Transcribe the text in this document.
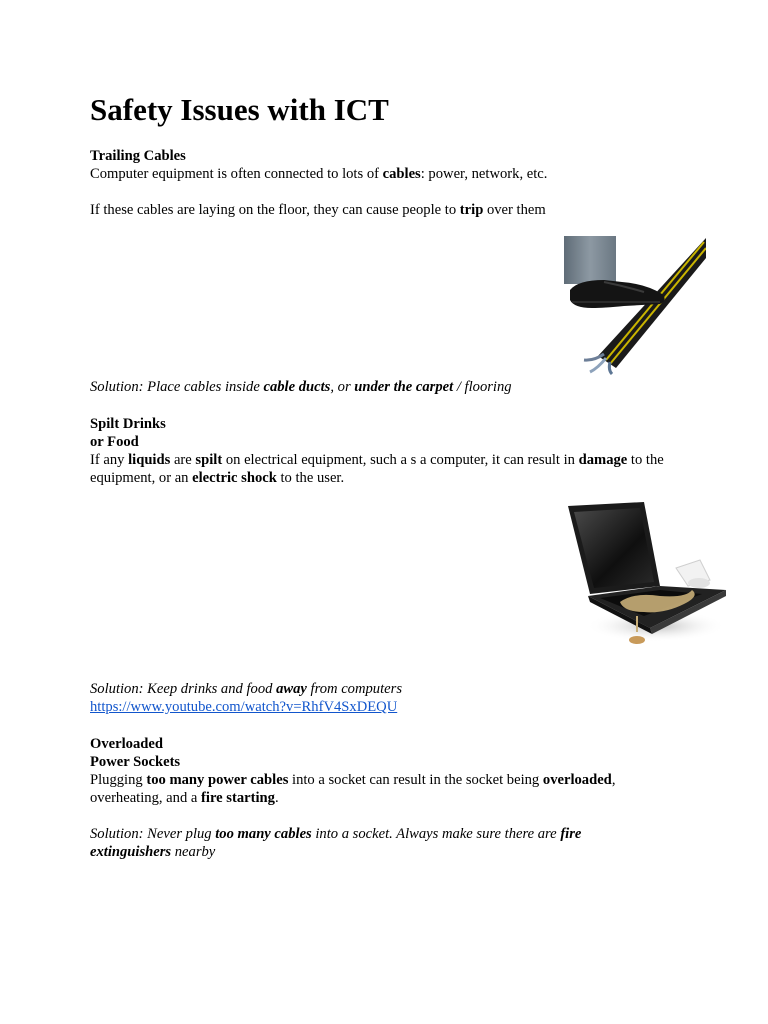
Safety Issues with ICT

Trailing Cables

Computer equipment is often connected to lots of cables: power, network, etc.

If these cables are laying on the floor, they can cause people to trip over them

Solution: Place cables inside cable ducts, or under the carpet / flooring

Spilt Drinks

or Food

If any liquids are spilt on electrical equipment, such a s a computer, it can result in damage to the equipment, or an electric shock to the user.

Solution: Keep drinks and food away from computers

https://www.youtube.com/watch?v=RhfV4SxDEQU

Overloaded

Power Sockets

Plugging too many power cables into a socket can result in the socket being overloaded, overheating, and a fire starting.

Solution: Never plug too many cables into a socket. Always make sure there are fire extinguishers nearby
